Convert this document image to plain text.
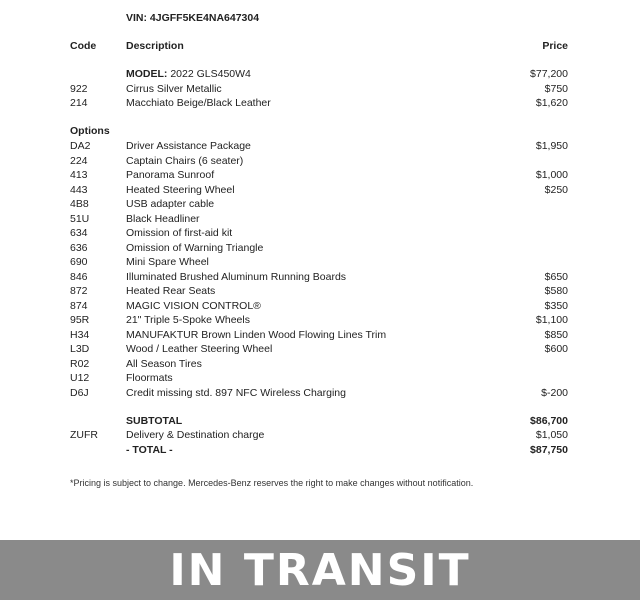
VIN: 4JGFF5KE4NA647304
Code	Description	Price
MODEL: 2022 GLS450W4	$77,200
922	Cirrus Silver Metallic	$750
214	Macchiato Beige/Black Leather	$1,620
Options
DA2	Driver Assistance Package	$1,950
224	Captain Chairs (6 seater)
413	Panorama Sunroof	$1,000
443	Heated Steering Wheel	$250
4B8	USB adapter cable
51U	Black Headliner
634	Omission of first-aid kit
636	Omission of Warning Triangle
690	Mini Spare Wheel
846	Illuminated Brushed Aluminum Running Boards	$650
872	Heated Rear Seats	$580
874	MAGIC VISION CONTROL®	$350
95R	21" Triple 5-Spoke Wheels	$1,100
H34	MANUFAKTUR Brown Linden Wood Flowing Lines Trim	$850
L3D	Wood / Leather Steering Wheel	$600
R02	All Season Tires
U12	Floormats
D6J	Credit missing std. 897 NFC Wireless Charging	$-200
SUBTOTAL	$86,700
ZUFR	Delivery & Destination charge	$1,050
- TOTAL -	$87,750
*Pricing is subject to change. Mercedes-Benz reserves the right to make changes without notification.
IN TRANSIT
